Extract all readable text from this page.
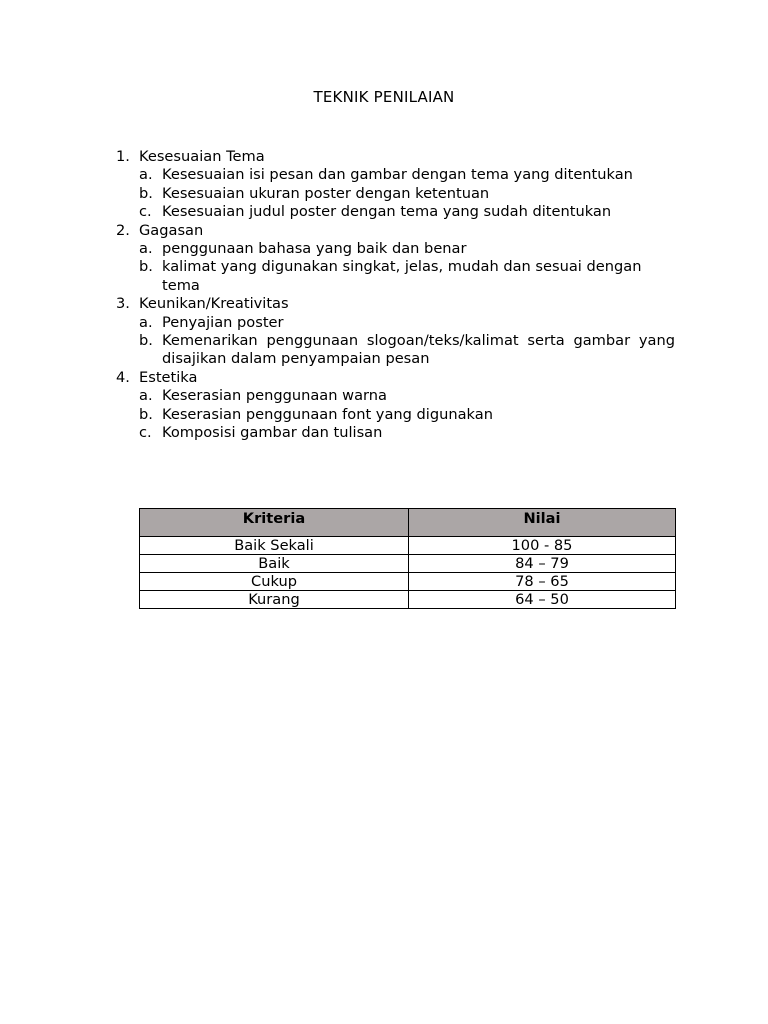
TEKNIK PENILAIAN
1. Kesesuaian Tema
a. Kesesuaian isi pesan dan gambar dengan tema yang ditentukan
b. Kesesuaian ukuran poster dengan ketentuan
c. Kesesuaian judul poster dengan tema yang sudah ditentukan
2. Gagasan
a. penggunaan bahasa yang baik dan benar
b. kalimat yang digunakan singkat, jelas, mudah dan sesuai dengan tema
3. Keunikan/Kreativitas
a. Penyajian poster
b. Kemenarikan penggunaan slogoan/teks/kalimat serta gambar yang disajikan dalam penyampaian pesan
4. Estetika
a. Keserasian penggunaan warna
b. Keserasian penggunaan font yang digunakan
c. Komposisi gambar dan tulisan
Kriteria	Nilai
Baik Sekali	100 - 85
Baik	84 – 79
Cukup	78 – 65
Kurang	64 – 50
